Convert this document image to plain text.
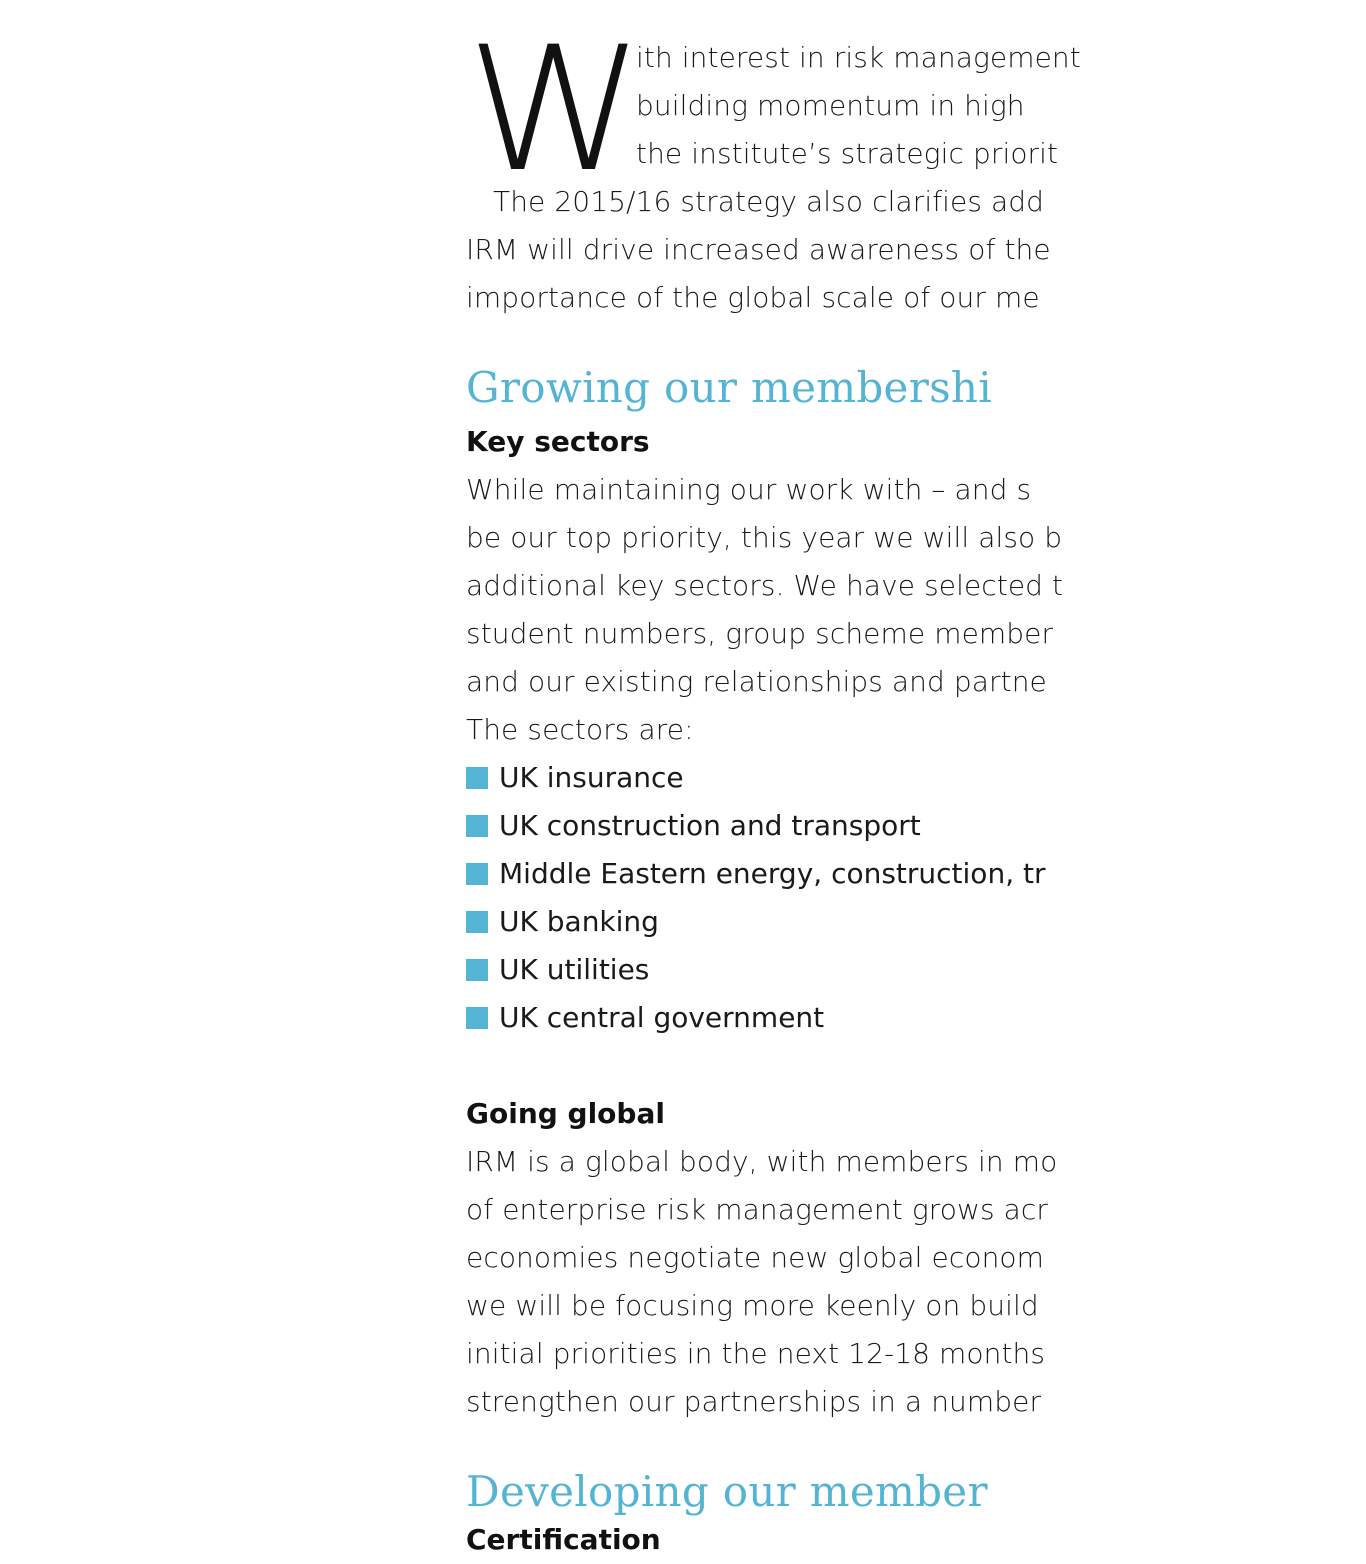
W
ith interest in risk management
building momentum in high
the institute’s strategic priorit
The 2015/16 strategy also clarifies add
IRM will drive increased awareness of the
importance of the global scale of our me
Growing our membershi
Key sectors
While maintaining our work with – and s
be our top priority, this year we will also b
additional key sectors. We have selected t
student numbers, group scheme member
and our existing relationships and partne
The sectors are:
UK insurance
UK construction and transport
Middle Eastern energy, construction, tr
UK banking
UK utilities
UK central government
Going global
IRM is a global body, with members in mo
of enterprise risk management grows acr
economies negotiate new global econom
we will be focusing more keenly on build
initial priorities in the next 12-18 months
strengthen our partnerships in a number
Developing our member
Certification
